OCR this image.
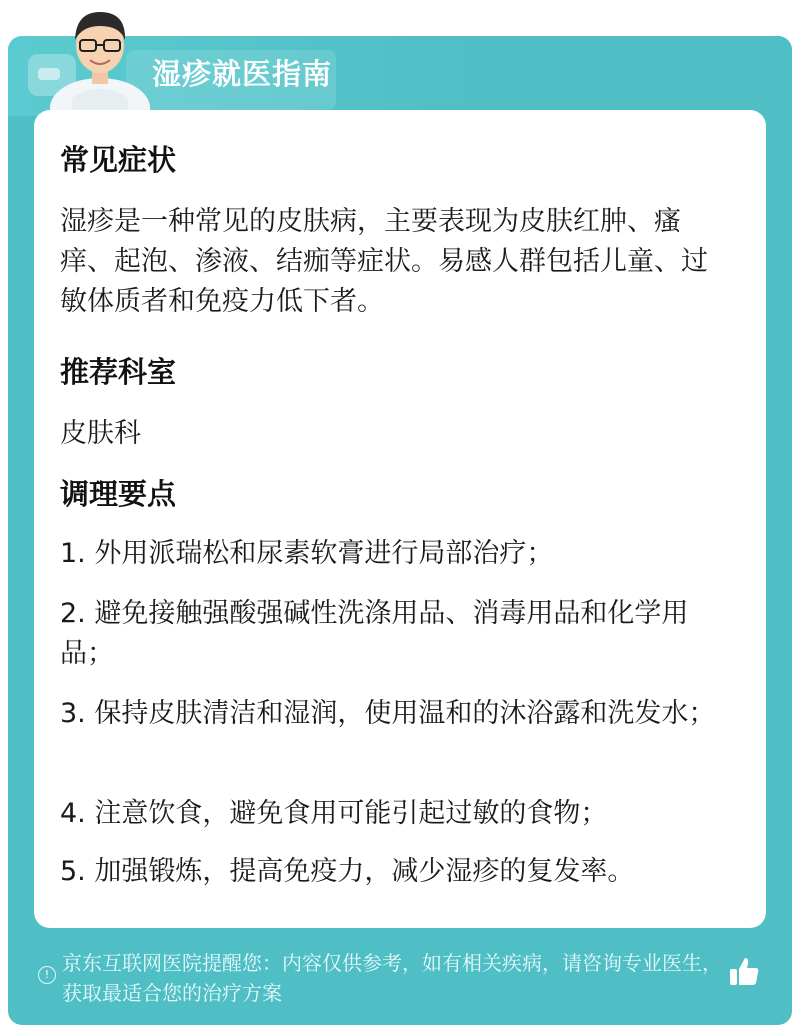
湿疹就医指南
常见症状
湿疹是一种常见的皮肤病，主要表现为皮肤红肿、瘙痒、起泡、渗液、结痂等症状。易感人群包括儿童、过敏体质者和免疫力低下者。
推荐科室
皮肤科
调理要点
1. 外用派瑞松和尿素软膏进行局部治疗；
2. 避免接触强酸强碱性洗涤用品、消毒用品和化学用品；
3. 保持皮肤清洁和湿润，使用温和的沐浴露和洗发水；
4. 注意饮食，避免食用可能引起过敏的食物；
5. 加强锻炼，提高免疫力，减少湿疹的复发率。
! 京东互联网医院提醒您：内容仅供参考，如有相关疾病，请咨询专业医生，获取最适合您的治疗方案
